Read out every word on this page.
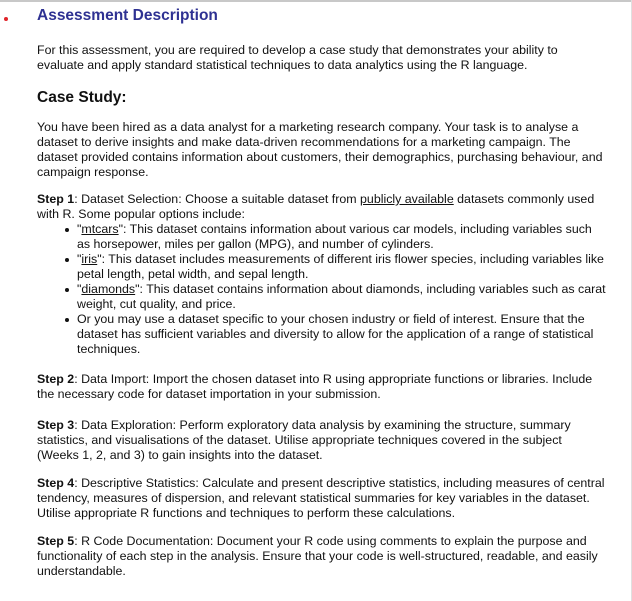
Assessment Description

For this assessment, you are required to develop a case study that demonstrates your ability to evaluate and apply standard statistical techniques to data analytics using the R language.

Case Study:

You have been hired as a data analyst for a marketing research company. Your task is to analyse a dataset to derive insights and make data-driven recommendations for a marketing campaign. The dataset provided contains information about customers, their demographics, purchasing behaviour, and campaign response.

Step 1: Dataset Selection: Choose a suitable dataset from publicly available datasets commonly used with R. Some popular options include:

"mtcars": This dataset contains information about various car models, including variables such as horsepower, miles per gallon (MPG), and number of cylinders.
"iris": This dataset includes measurements of different iris flower species, including variables like petal length, petal width, and sepal length.
"diamonds": This dataset contains information about diamonds, including variables such as carat weight, cut quality, and price.
Or you may use a dataset specific to your chosen industry or field of interest. Ensure that the dataset has sufficient variables and diversity to allow for the application of a range of statistical techniques.

Step 2: Data Import: Import the chosen dataset into R using appropriate functions or libraries. Include the necessary code for dataset importation in your submission.

Step 3: Data Exploration: Perform exploratory data analysis by examining the structure, summary statistics, and visualisations of the dataset. Utilise appropriate techniques covered in the subject (Weeks 1, 2, and 3) to gain insights into the dataset.

Step 4: Descriptive Statistics: Calculate and present descriptive statistics, including measures of central tendency, measures of dispersion, and relevant statistical summaries for key variables in the dataset. Utilise appropriate R functions and techniques to perform these calculations.

Step 5: R Code Documentation: Document your R code using comments to explain the purpose and functionality of each step in the analysis. Ensure that your code is well-structured, readable, and easily understandable.
